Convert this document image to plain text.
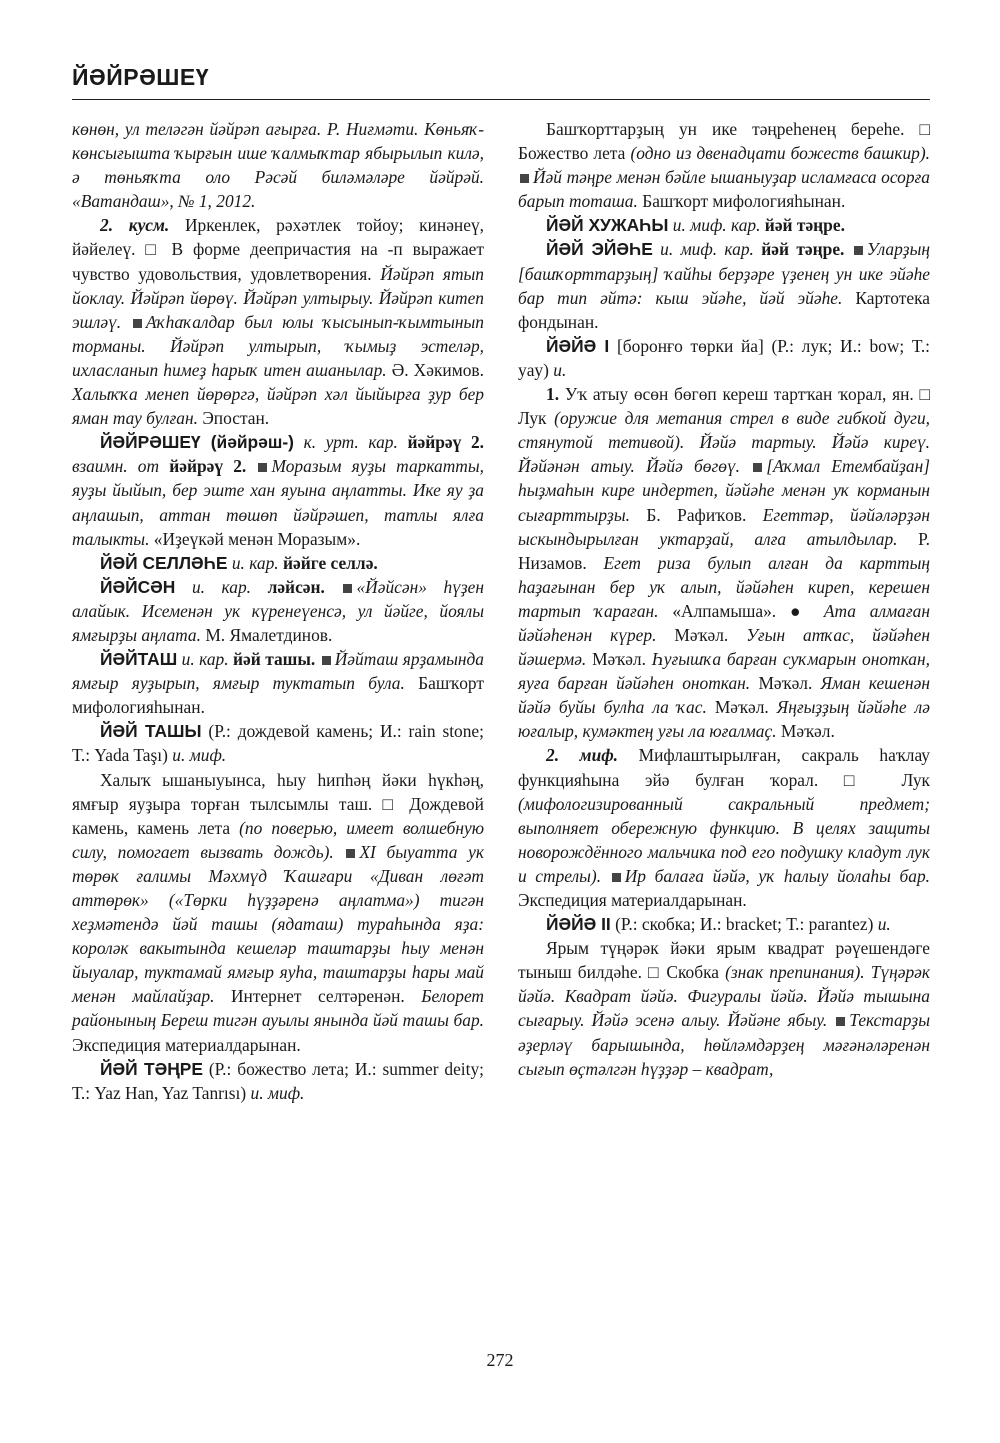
ЙӘЙРӘШЕҮ

көнөн, ул теләгән йәйрәп ағырға. Р. Ниғмәти. Көньяҡ-көнсығышта ҡырғын ише ҡалмыҡтар ябырылып килә, ә төньяҡта оло Рәсәй биләмәләре йәйрәй. «Ватандаш», № 1, 2012.

2. кусм. Иркенлек, рәхәтлек тойоу; кинәнеү, йәйелеү. □ В форме деепричастия на -п выражает чувство удовольствия, удовлетворения. Йәйрәп ятып йоклау. Йәйрәп йөрөү. Йәйрәп ултырыу. Йәйрәп китеп эшләү. Аҡһаҡалдар был юлы ҡысынып-ҡымтынып торманы. Йәйрәп ултырып, ҡымыҙ эстеләр, ихласланып һимеҙ һарыҡ итен ашанылар. Ә. Хәкимов. Халыҡҡа менеп йөрөргә, йәйрәп хәл йыйырға ҙур бер яман тау булған. Эпостан.

ЙӘЙРӘШЕҮ (йәйрәш-) к. урт. кар. йәйрәү 2. взаимн. от йәйрәү 2. Моразым яуҙы таркатты, яуҙы йыйып, бер эште хан яуына аңлатты. Ике яу ҙа аңлашып, аттан төшөп йәйрәшеп, татлы ялға талыкты. «Иҙеүкәй менән Моразым».

ЙӘЙ СЕЛЛӘҺЕ и. кар. йәйге селлә.

ЙӘЙСӘН и. кар. ләйсән. «Йәйсән» һүҙен алайык. Исеменән ук күренеүенсә, ул йәйге, йоялы ямғырҙы аңлата. М. Ямалетдинов.

ЙӘЙТАШ и. кар. йәй ташы. Йәйташ ярҙамында ямғыр яуҙырып, ямғыр туктатып була. Башҡорт мифологияһынан.

ЙӘЙ ТАШЫ (Р.: дождевой камень; И.: rain stone; Т.: Yada Taşı) и. миф.

Халыҡ ышаныуынса, һыу һипһәң йәки һүкһәң, ямғыр яуҙыра торған тылсымлы таш. □ Дождевой камень, камень лета (по поверью, имеет волшебную силу, помогает вызвать дождь). XI быуатта ук төрөк ғалимы Мәхмүд Ҡашғари «Диван лөғәт аттөрөк» («Төрки һүҙҙәренә аңлатма») тигән хеҙмәтендә йәй ташы (ядаташ) тураһында яҙа: короләк вакытында кешеләр таштарҙы һыу менән йыуалар, туктамай ямғыр яуһа, таштарҙы һары май менән майлайҙар. Интернет селтәренән. Белорет районының Береш тигән ауылы янында йәй ташы бар. Экспедиция материалдарынан.

ЙӘЙ ТӘҢРЕ (Р.: божество лета; И.: summer deity; Т.: Yaz Han, Yaz Tanrısı) и. миф.

Башҡорттарҙың ун ике тәңреһенең береһе. □ Божество лета (одно из двенадцати божеств башкир). Йәй тәңре менән бәйле ышаныуҙар исламғаса осорға барып тоташа. Башҡорт мифологияһынан.

ЙӘЙ ХУЖАҺЫ и. миф. кар. йәй тәңре.

ЙӘЙ ЭЙӘҺЕ и. миф. кар. йәй тәңре. Уларҙың [башҡорттарҙың] ҡайһы берҙәре үҙенең ун ике эйәһе бар тип әйтә: кыш эйәһе, йәй эйәһе. Картотека фондынан.

ЙӘЙӘ I [боронғо төрки йа] (Р.: лук; И.: bow; Т.: yay) и.

1. Уҡ атыу өсөн бөгөп кереш тартҡан ҡорал, ян. □ Лук (оружие для метания стрел в виде гибкой дуги, стянутой тетивой). Йәйә тартыу. Йәйә киреү. Йәйәнән атыу. Йәйә бөгөү. [Аҡмал Етембайҙан] һыҙмаһын кире индертеп, йәйәһе менән уҡ корманын сығарттырҙы. Б. Рафиҡов. Егеттәр, йәйәләрҙән ыскындырылған уктарҙай, алға атылдылар. Р. Низамов. Егет риза булып алған да карттың һаҙағынан бер уҡ алып, йәйәһен киреп, керешен тартып ҡараған. «Алпамыша». ● Ата алмаған йәйәһенән күрер. Мәҡәл. Уғын атҡас, йәйәһен йәшермә. Мәҡәл. Һуғышҡа барған суҡмарын оноткан, яуға барған йәйәһен оноткан. Мәҡәл. Яман кешенән йәйә буйы булһа ла ҡас. Мәҡәл. Яңғыҙҙың йәйәһе лә юғалыр, кумәктең уғы ла юғалмаҫ. Мәҡәл.

2. миф. Мифлаштырылған, сакраль һаҡлау функцияһына эйә булған ҡорал. □ Лук (мифологизированный сакральный предмет; выполняет обережную функцию. В целях защиты новорождённого мальчика под его подушку кладут лук и стрелы). Ир балаға йәйә, уҡ һалыу йолаһы бар. Экспедиция материалдарынан.

ЙӘЙӘ II (Р.: скобка; И.: bracket; Т.: parantez) и.

Ярым түңәрәк йәки ярым квадрат рәүешендәге тыныш билдәһе. □ Скобка (знак препинания). Түңәрәк йәйә. Квадрат йәйә. Фигуралы йәйә. Йәйә тышына сығарыу. Йәйә эсенә алыу. Йәйәне ябыу. Текстарҙы әҙерләү барышында, һөйләмдәрҙең мәғәнәләренән сығып өҫтәлгән һүҙҙәр – квадрат,

272
